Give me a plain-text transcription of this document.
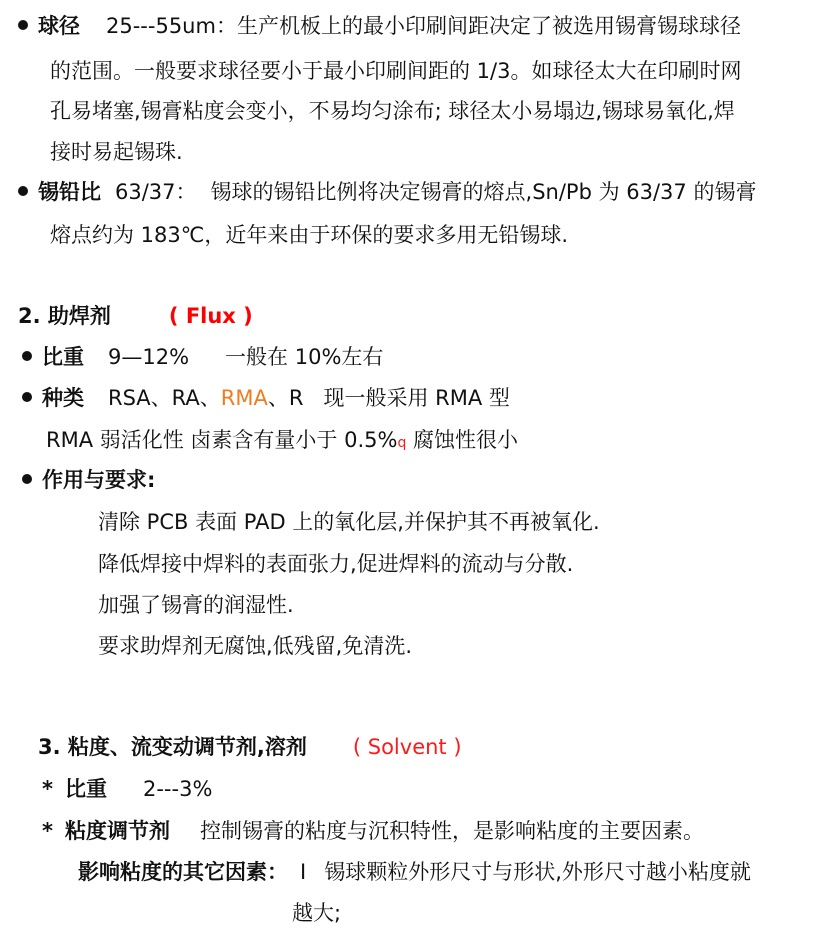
球径 25---55um：生产机板上的最小印刷间距决定了被选用锡膏锡球球径
的范围。一般要求球径要小于最小印刷间距的 1/3。如球径太大在印刷时网
孔易堵塞,锡膏粘度会变小，不易均匀涂布; 球径太小易塌边,锡球易氧化,焊
接时易起锡珠.
锡铅比 63/37： 锡球的锡铅比例将决定锡膏的熔点,Sn/Pb 为 63/37 的锡膏
熔点约为 183℃，近年来由于环保的要求多用无铅锡球.
2. 助焊剂	( Flux )
比重 9—12% 一般在 10%左右
种类 RSA、RA、RMA、R 现一般采用 RMA 型
RMA 弱活化性 卤素含有量小于 0.5%q 腐蚀性很小
作用与要求:
清除 PCB 表面 PAD 上的氧化层,并保护其不再被氧化.
降低焊接中焊料的表面张力,促进焊料的流动与分散.
加强了锡膏的润湿性.
要求助焊剂无腐蚀,低残留,免清洗.
3. 粘度、流变动调节剂,溶剂 ( Solvent )
* 比重 2---3%
* 粘度调节剂 控制锡膏的粘度与沉积特性，是影响粘度的主要因素。
影响粘度的其它因素： I 锡球颗粒外形尺寸与形状,外形尺寸越小粘度就
越大;
